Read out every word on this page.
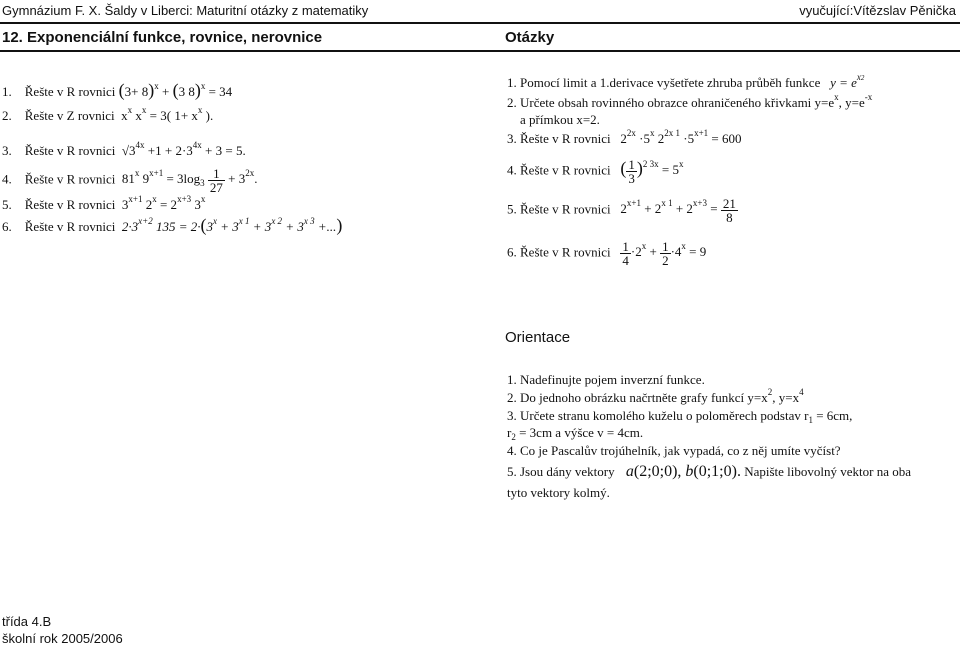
Gymnázium F. X. Šaldy v Liberci: Maturitní otázky z matematiky	vyučující:Vítězslav Pěnička
12. Exponenciální funkce, rovnice, nerovnice	Otázky
1. Řešte v R rovnici $(3+ 8)^x + (3$ 8)$^x$ = 34
2. Řešte v Z rovnici  $x^x$ $x^x = 3$( $1+ x^x$ ).
3. Řešte v R rovnici  $√3^{4x} +1 + 2\cdot 3^{4x} + 3 = 5$.
4. Řešte v R rovnici  81$^x$ $9^{x+1} = 3\log_3 \frac{1}{27} + 3^{2x}$.
5. Řešte v R rovnici  $3^{x+1}$ $2^x = 2^{x+3}$ 3$^x$
6. Řešte v R rovnici  $2\cdot 3^{x+2}$ $135 = 2\cdot(3^x + 3^{x 1} + 3^{x 2} + 3^{x 3}$ +...)
1. Pomocí limit a 1.derivace vyšetřete zhruba průběh funkce   $y = e^{x2}$
2. Určete obsah rovinného obrazce ohraničeného křivkami $y=e^x$, $y=e^{-x}$
a přímkou x=2.
3. Řešte v R rovnici   $2^{2x} \cdot 5^x$ $2^{2x 1} \cdot 5^{x+1} = 600$
4. Řešte v R rovnici ( $\frac{1}{3} )^{2 3x} = 5^x$
5. Řešte v R rovnici   $2^{x+1} + 2^{x 1} + 2^{x+3} = \frac{21}{8}$
6. Řešte v R rovnici $\frac{1}{4} \cdot 2^x + \frac{1}{2} \cdot 4^x = 9$
Orientace
1. Nadefinujte pojem inverzní funkce.
2. Do jednoho obrázku načrtněte grafy funkcí $y=x^2$, $y=x^4$
3. Určete stranu komolého kuželu o poloměrech podstav $r_1 = 6cm$,
$r_2 = 3cm$ a výšce v = 4cm.
4. Co je Pascalův trojúhelník, jak vypadá, co z něj umíte vyčíst?
5. Jsou dány vektory a(2;0;0), b(0;1;0). Napište libovolný vektor na oba
tyto vektory kolmý.
třída 4.B
školní rok 2005/2006
